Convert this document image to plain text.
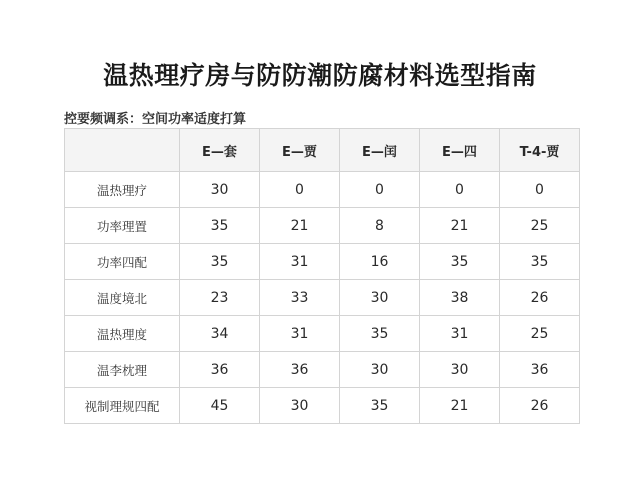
温热理疗房与防防潮防腐材料选型指南
控要频调系：空间功率适度打算
	E—套	E—贾	E—闰	E—四	T-4-贾
温热理疗	30	0	0	0	0
功率理置	35	21	8	21	25
功率四配	35	31	16	35	35
温度境北	23	33	30	38	26
温热理度	34	31	35	31	25
温李枕理	36	36	30	30	36
视制理规四配	45	30	35	21	26
